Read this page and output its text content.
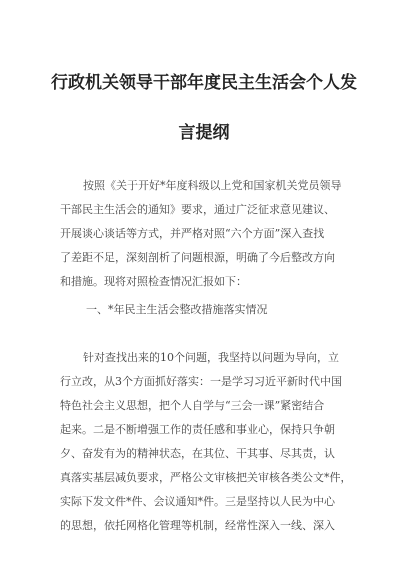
行政机关领导干部年度民主生活会个人发
言提纲
按照《关于开好*年度科级以上党和国家机关党员领导
干部民主生活会的通知》要求，通过广泛征求意见建议、
开展谈心谈话等方式，并严格对照“六个方面”深入查找
了差距不足，深刻剖析了问题根源，明确了今后整改方向
和措施。现将对照检查情况汇报如下：
一、*年民主生活会整改措施落实情况
针对查找出来的10个问题，我坚持以问题为导向，立
行立改，从3个方面抓好落实：一是学习习近平新时代中国
特色社会主义思想，把个人自学与“三会一课”紧密结合
起来。二是不断增强工作的责任感和事业心，保持只争朝
夕、奋发有为的精神状态，在其位、干其事、尽其责，认
真落实基层减负要求，严格公文审核把关审核各类公文*件，
实际下发文件*件、会议通知*件。三是坚持以人民为中心
的思想，依托网格化管理等机制，经常性深入一线、深入
